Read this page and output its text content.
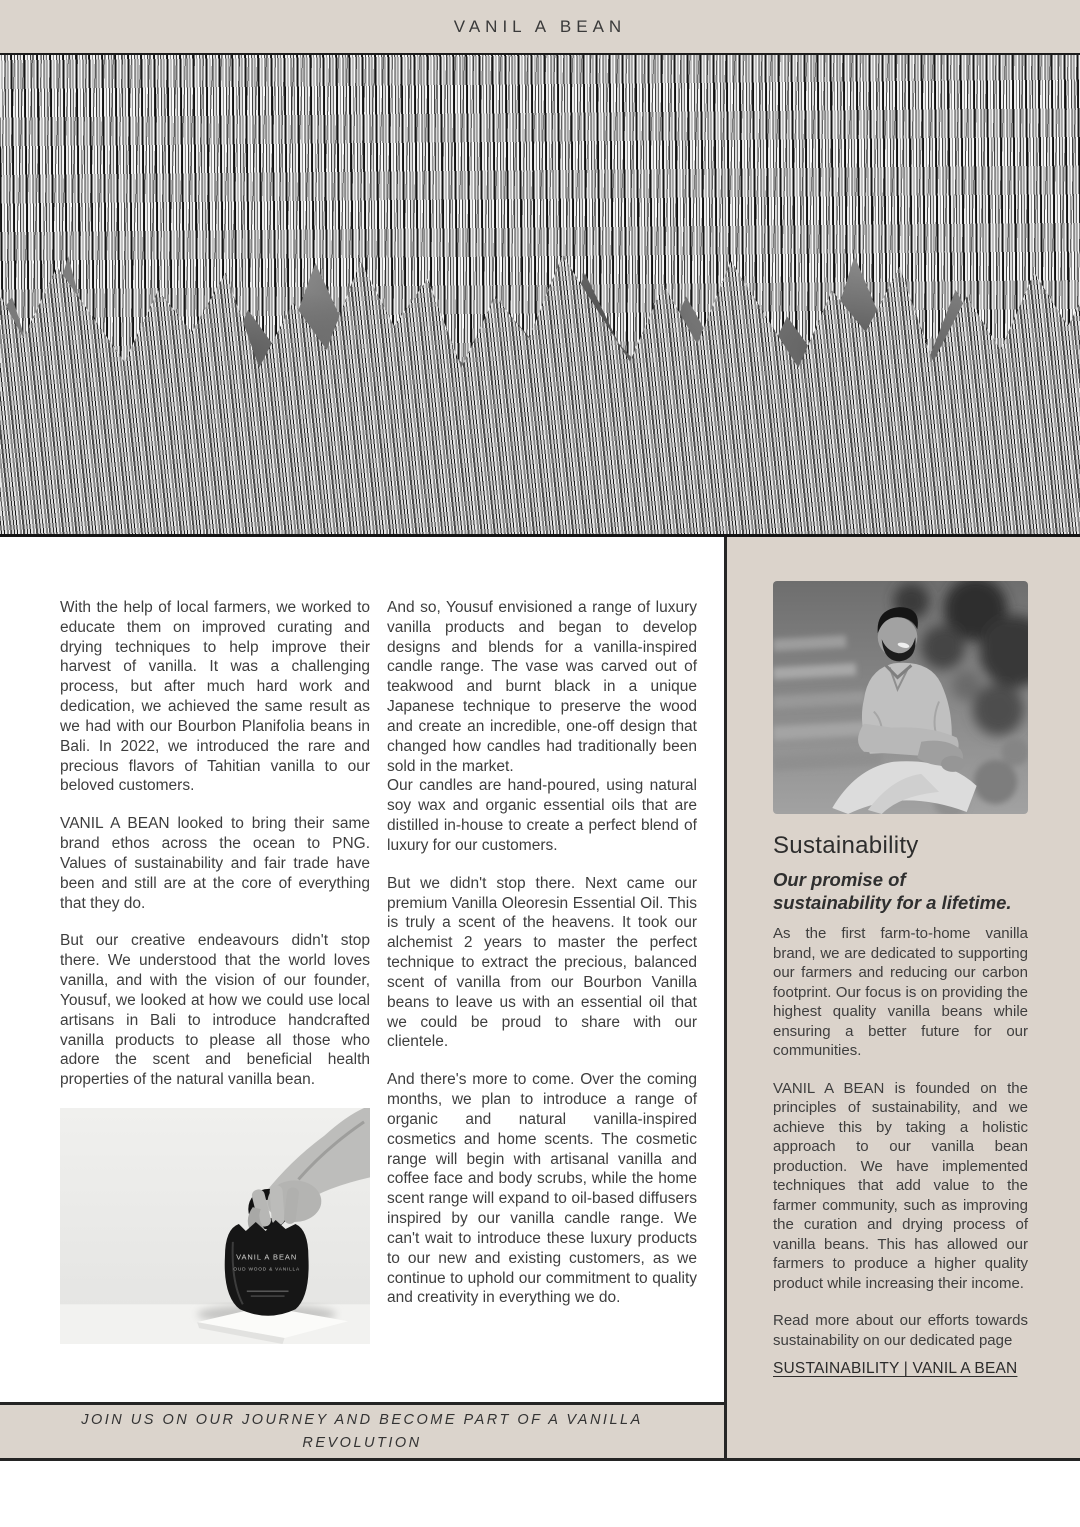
VANIL A BEAN

With the help of local farmers, we worked to educate them on improved curating and drying techniques to help improve their harvest of vanilla. It was a challenging process, but after much hard work and dedication, we achieved the same result as we had with our Bourbon Planifolia beans in Bali. In 2022, we introduced the rare and precious flavors of Tahitian vanilla to our beloved customers.

VANIL A BEAN looked to bring their same brand ethos across the ocean to PNG. Values of sustainability and fair trade have been and still are at the core of everything that they do.

But our creative endeavours didn't stop there. We understood that the world loves vanilla, and with the vision of our founder, Yousuf, we looked at how we could use local artisans in Bali to introduce handcrafted vanilla products to please all those who adore the scent and beneficial health properties of the natural vanilla bean.

VANIL A BEAN
OUD WOOD & VANILLA

And so, Yousuf envisioned a range of luxury vanilla products and began to develop designs and blends for a vanilla-inspired candle range. The vase was carved out of teakwood and burnt black in a unique Japanese technique to preserve the wood and create an incredible, one-off design that changed how candles had traditionally been sold in the market.

Our candles are hand-poured, using natural soy wax and organic essential oils that are distilled in-house to create a perfect blend of luxury for our customers.

But we didn't stop there. Next came our premium Vanilla Oleoresin Essential Oil. This is truly a scent of the heavens. It took our alchemist 2 years to master the perfect technique to extract the precious, balanced scent of vanilla from our Bourbon Vanilla beans to leave us with an essential oil that we could be proud to share with our clientele.

And there's more to come. Over the coming months, we plan to introduce a range of organic and natural vanilla-inspired cosmetics and home scents. The cosmetic range will begin with artisanal vanilla and coffee face and body scrubs, while the home scent range will expand to oil-based diffusers inspired by our vanilla candle range. We can't wait to introduce these luxury products to our new and existing customers, as we continue to uphold our commitment to quality and creativity in everything we do.

JOIN US ON OUR JOURNEY AND BECOME PART OF A VANILLA REVOLUTION
Sustainability

Our promise of sustainability for a lifetime.

As the first farm-to-home vanilla brand, we are dedicated to supporting our farmers and reducing our carbon footprint. Our focus is on providing the highest quality vanilla beans while ensuring a better future for our communities.

VANIL A BEAN is founded on the principles of sustainability, and we achieve this by taking a holistic approach to our vanilla bean production. We have implemented techniques that add value to the farmer community, such as improving the curation and drying process of vanilla beans. This has allowed our farmers to produce a higher quality product while increasing their income.

Read more about our efforts towards sustainability on our dedicated page

SUSTAINABILITY | VANIL A BEAN
